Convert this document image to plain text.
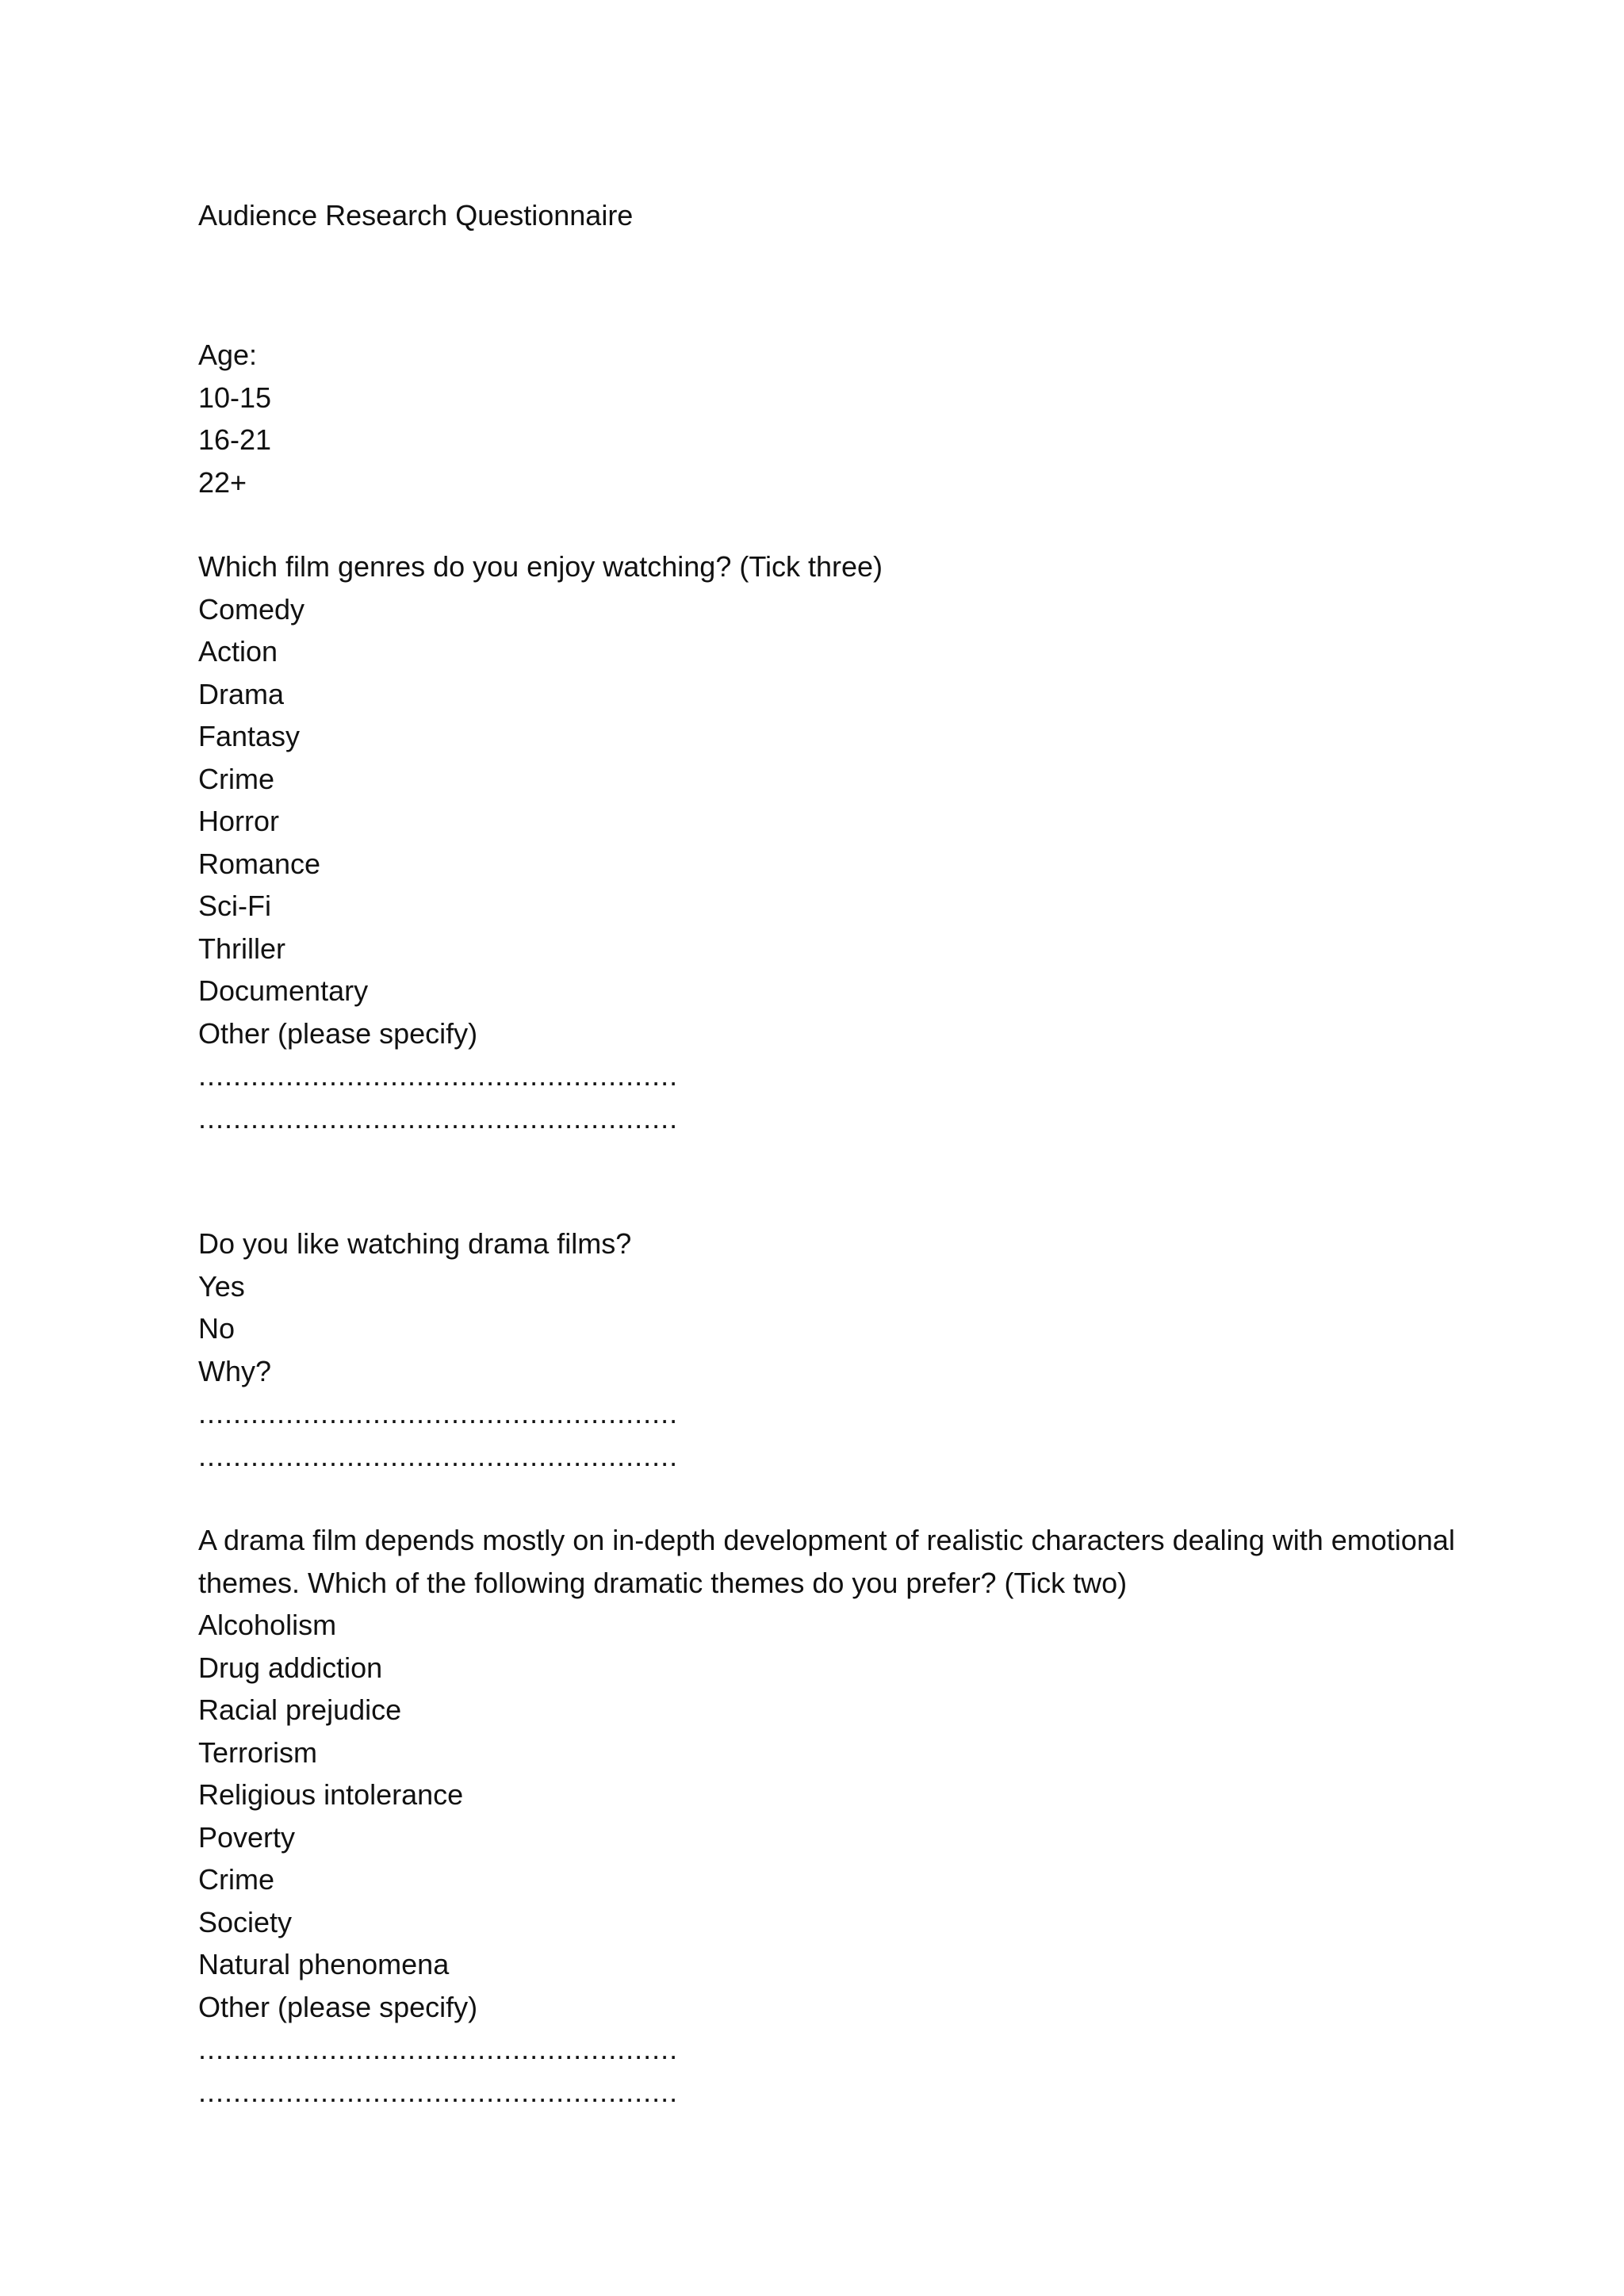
Audience Research Questionnaire
Age:
10-15
16-21
22+
Which film genres do you enjoy watching? (Tick three)
Comedy
Action
Drama
Fantasy
Crime
Horror
Romance
Sci-Fi
Thriller
Documentary
Other (please specify)
.......................................................
.......................................................
Do you like watching drama films?
Yes
No
Why?
.......................................................
.......................................................
A drama film depends mostly on in-depth development of realistic characters dealing with emotional themes. Which of the following dramatic themes do you prefer? (Tick two)
Alcoholism
Drug addiction
Racial prejudice
Terrorism
Religious intolerance
Poverty
Crime
Society
Natural phenomena
Other (please specify)
.......................................................
.......................................................
